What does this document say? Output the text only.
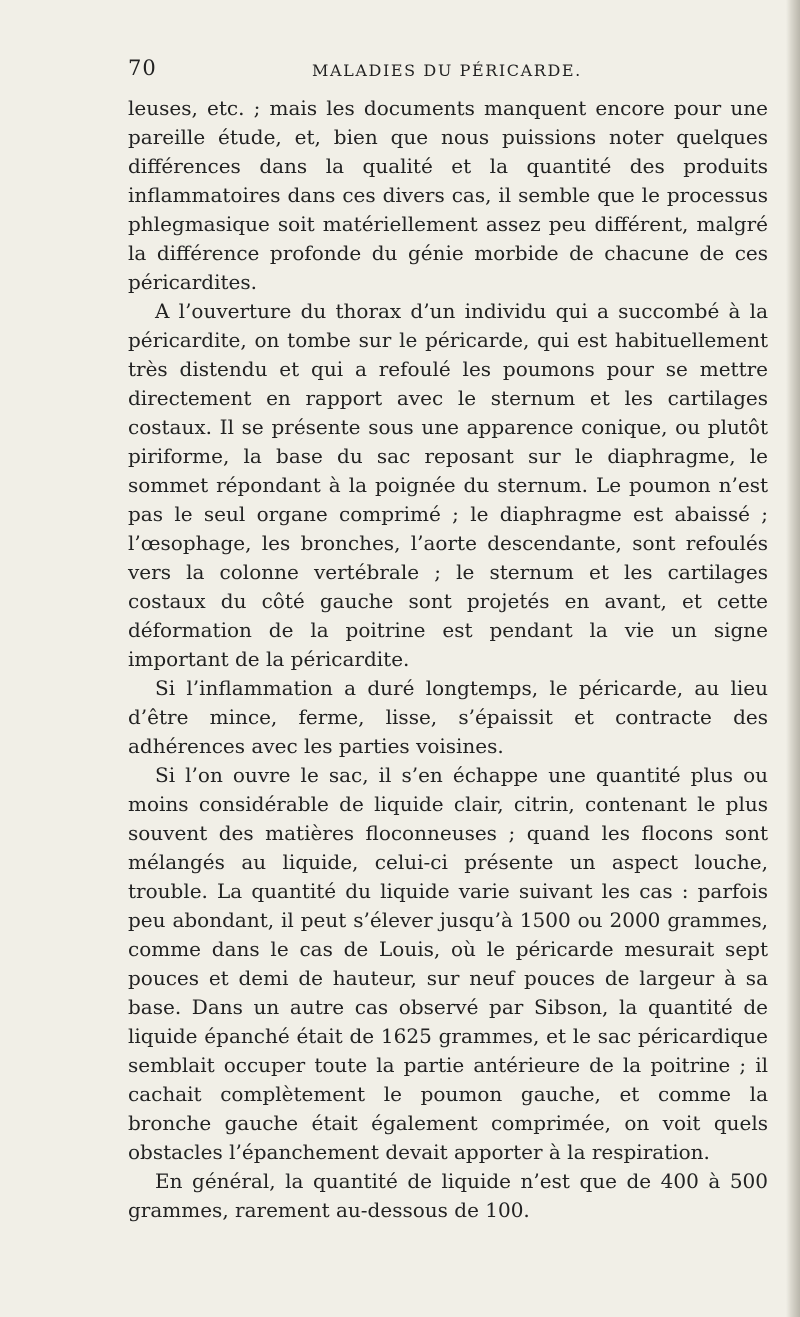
70	MALADIES DU PÉRICARDE.

leuses, etc. ; mais les documents manquent encore pour une pareille étude, et, bien que nous puissions noter quelques différences dans la qualité et la quantité des produits inflammatoires dans ces divers cas, il semble que le processus phlegmasique soit matériellement assez peu différent, malgré la différence profonde du génie morbide de chacune de ces péricardites.

A l’ouverture du thorax d’un individu qui a succombé à la péricardite, on tombe sur le péricarde, qui est habituellement très distendu et qui a refoulé les poumons pour se mettre directement en rapport avec le sternum et les cartilages costaux. Il se présente sous une apparence conique, ou plutôt piriforme, la base du sac reposant sur le diaphragme, le sommet répondant à la poignée du sternum. Le poumon n’est pas le seul organe comprimé ; le diaphragme est abaissé ; l’œsophage, les bronches, l’aorte descendante, sont refoulés vers la colonne vertébrale ; le sternum et les cartilages costaux du côté gauche sont projetés en avant, et cette déformation de la poitrine est pendant la vie un signe important de la péricardite.

Si l’inflammation a duré longtemps, le péricarde, au lieu d’être mince, ferme, lisse, s’épaissit et contracte des adhérences avec les parties voisines.

Si l’on ouvre le sac, il s’en échappe une quantité plus ou moins considérable de liquide clair, citrin, contenant le plus souvent des matières floconneuses ; quand les flocons sont mélangés au liquide, celui-ci présente un aspect louche, trouble. La quantité du liquide varie suivant les cas : parfois peu abondant, il peut s’élever jusqu’à 1500 ou 2000 grammes, comme dans le cas de Louis, où le péricarde mesurait sept pouces et demi de hauteur, sur neuf pouces de largeur à sa base. Dans un autre cas observé par Sibson, la quantité de liquide épanché était de 1625 grammes, et le sac péricardique semblait occuper toute la partie antérieure de la poitrine ; il cachait complètement le poumon gauche, et comme la bronche gauche était également comprimée, on voit quels obstacles l’épanchement devait apporter à la respiration.

En général, la quantité de liquide n’est que de 400 à 500 grammes, rarement au-dessous de 100.
